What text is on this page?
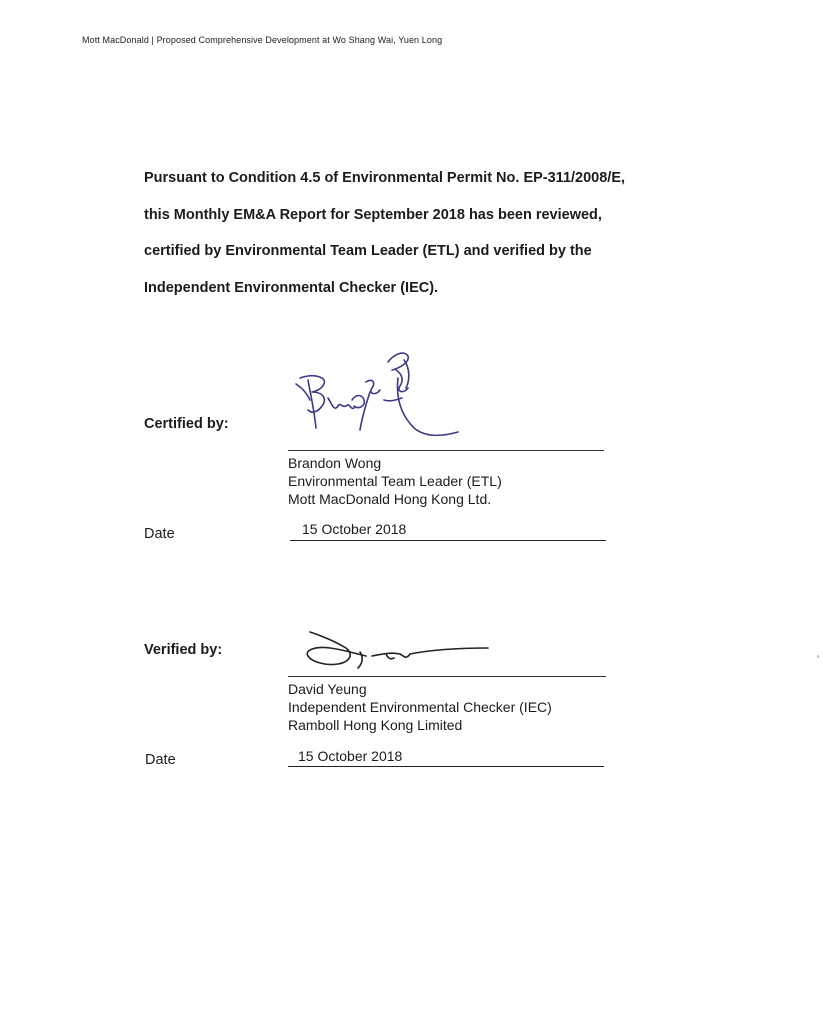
Mott MacDonald | Proposed Comprehensive Development at Wo Shang Wai, Yuen Long
Pursuant to Condition 4.5 of Environmental Permit No. EP-311/2008/E,
this Monthly EM&A Report for September 2018 has been reviewed,
certified by Environmental Team Leader (ETL) and verified by the
Independent Environmental Checker (IEC).
Certified by:
Brandon Wong
Environmental Team Leader (ETL)
Mott MacDonald Hong Kong Ltd.
Date	15 October 2018
Verified by:
David Yeung
Independent Environmental Checker (IEC)
Ramboll Hong Kong Limited
Date	15 October 2018
